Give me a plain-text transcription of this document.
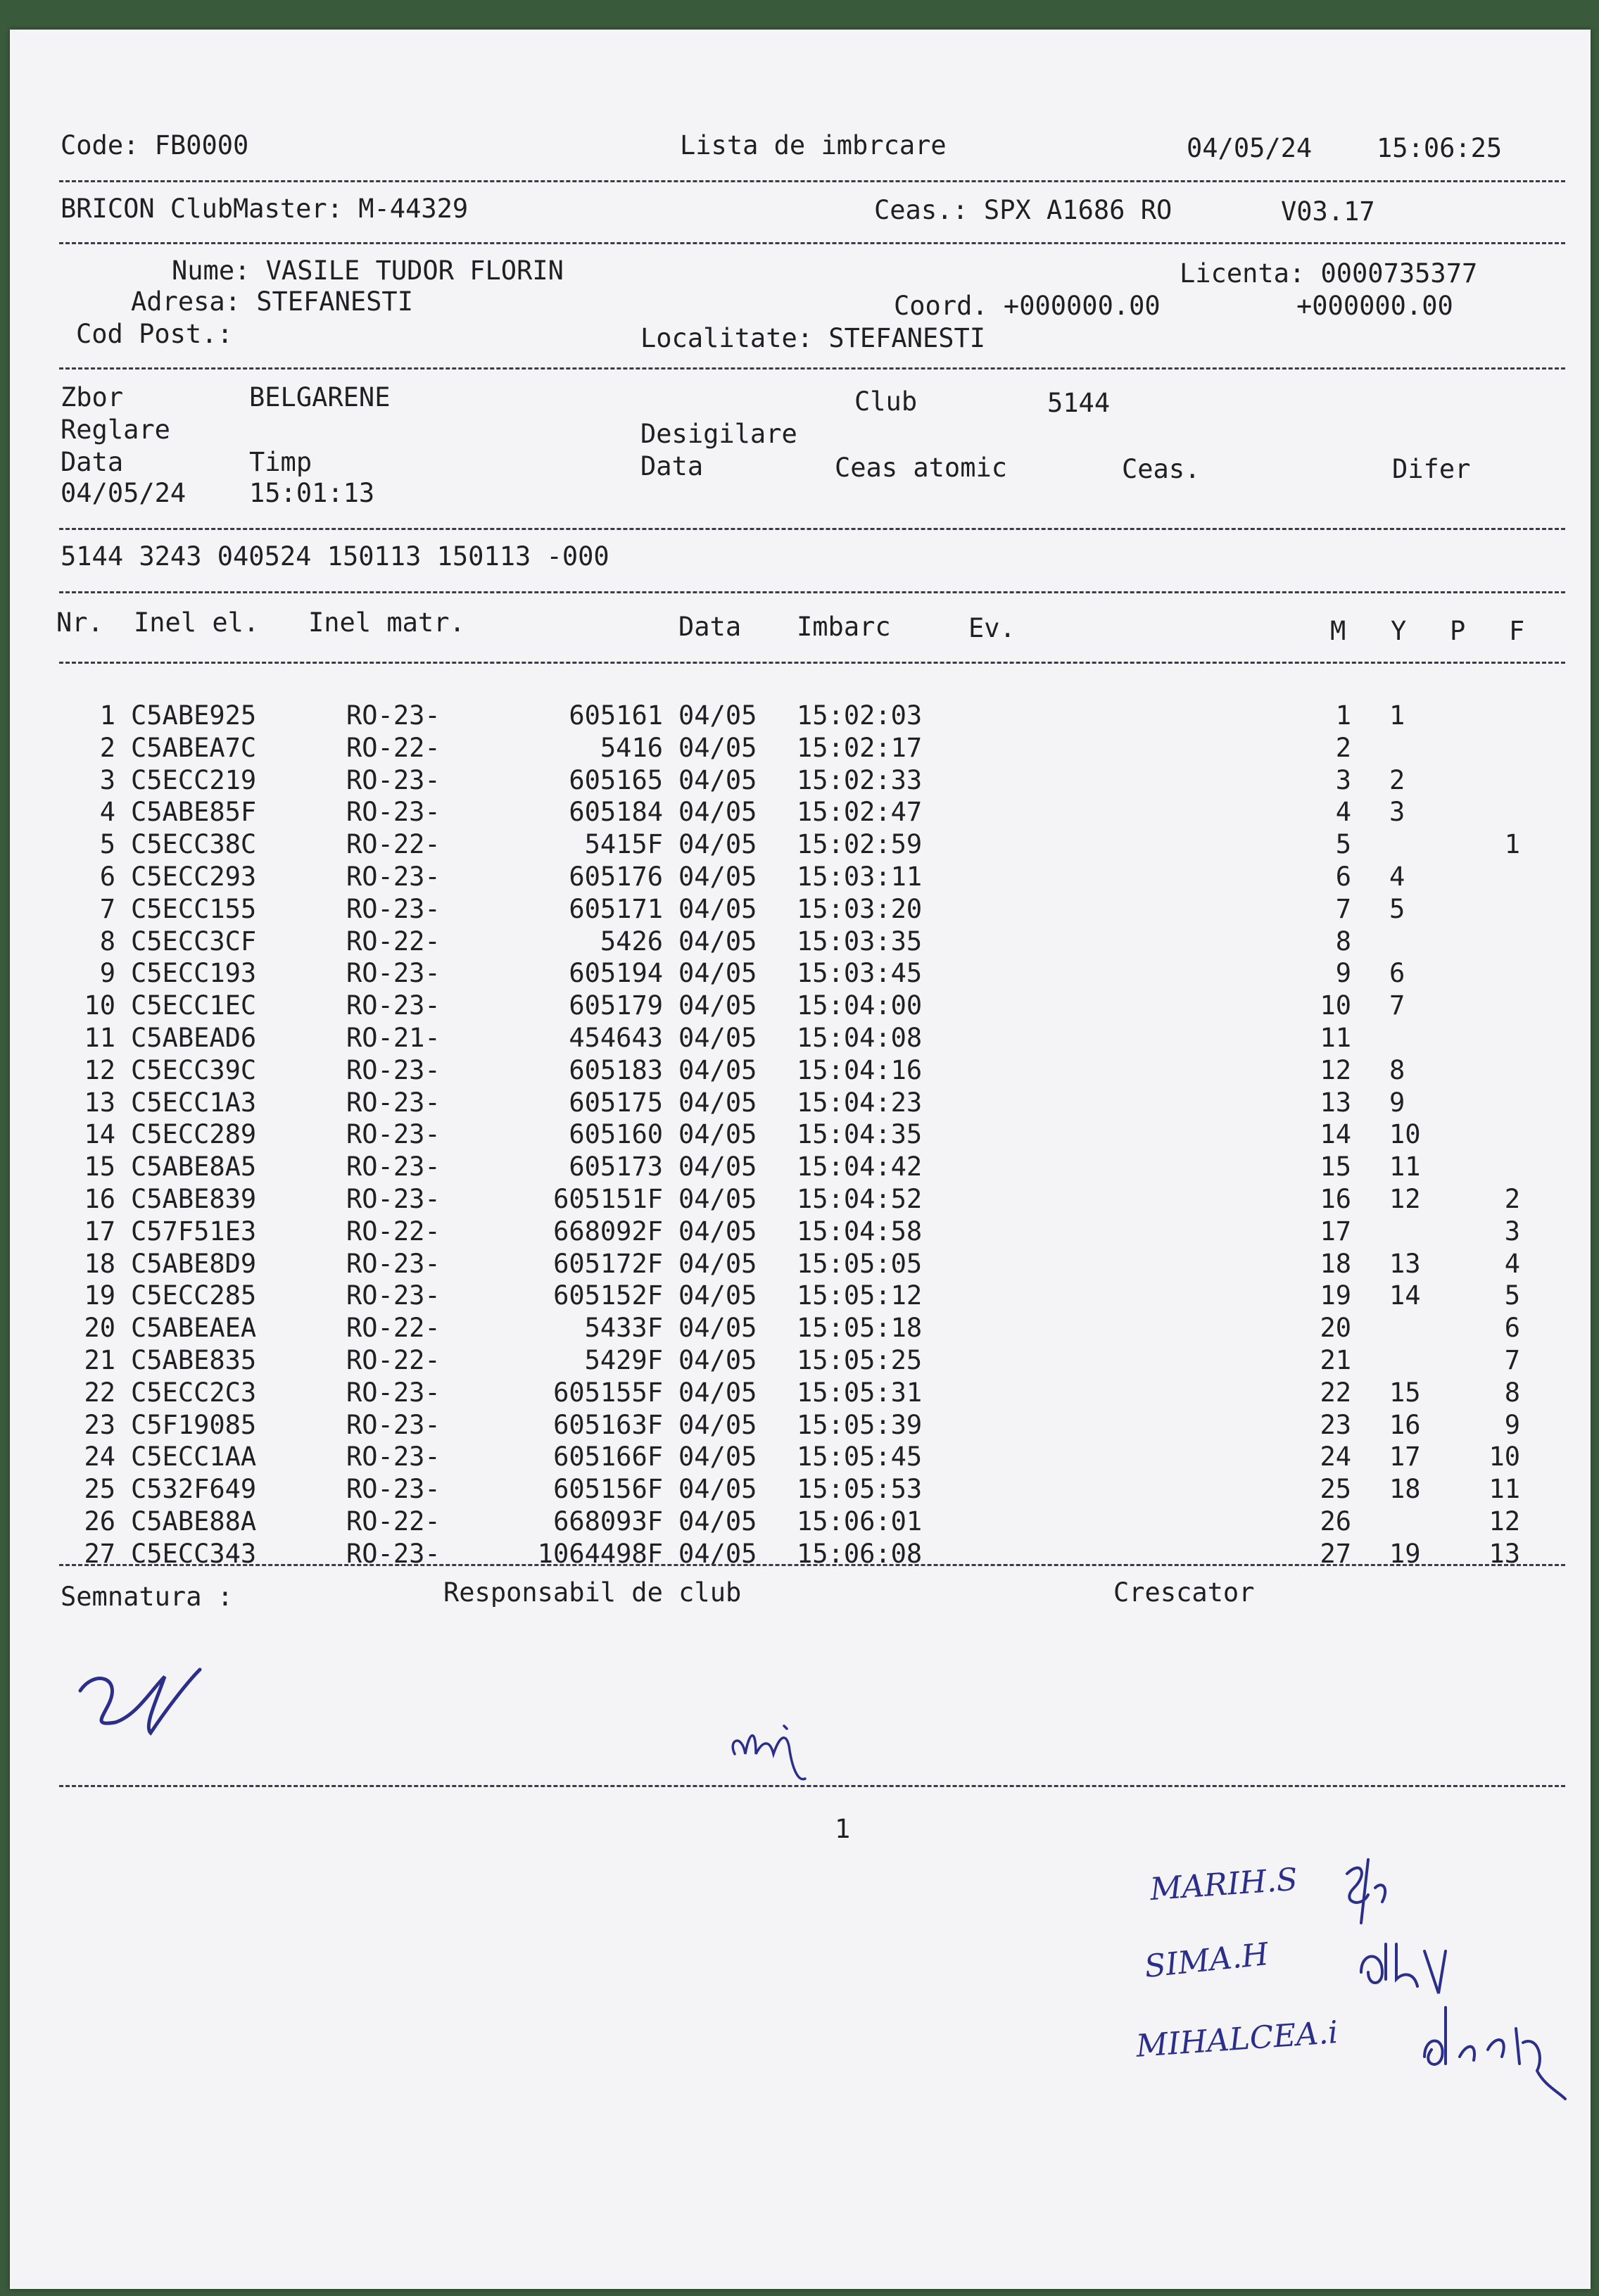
Code: FB0000	Lista de imbrcare	04/05/24 15:06:25
BRICON ClubMaster: M-44329	Ceas.: SPX A1686 RO	V03.17
Nume: VASILE TUDOR FLORIN	Licenta: 0000735377
Adresa: STEFANESTI	Coord. +000000.00	+000000.00
Cod Post.:	Localitate: STEFANESTI
Zbor	BELGARENE	Club	5144
Reglare	Desigilare
Data	Timp	Data	Ceas atomic	Ceas.	Difer
04/05/24 15:01:13
5144 3243 040524 150113 150113 -000
Nr. Inel el. Inel matr.	Data Imbarc	Ev.	M Y P F
1 C5ABE925	RO-23-	605161 04/05 15:02:03	1 1
2 C5ABEA7C	RO-22-	5416 04/05 15:02:17	2
3 C5ECC219	RO-23-	605165 04/05 15:02:33	3 2
4 C5ABE85F	RO-23-	605184 04/05 15:02:47	4 3
5 C5ECC38C	RO-22-	5415F 04/05 15:02:59	5	1
6 C5ECC293	RO-23-	605176 04/05 15:03:11	6 4
7 C5ECC155	RO-23-	605171 04/05 15:03:20	7 5
8 C5ECC3CF	RO-22-	5426 04/05 15:03:35	8
9 C5ECC193	RO-23-	605194 04/05 15:03:45	9 6
10 C5ECC1EC	RO-23-	605179 04/05 15:04:00	10 7
11 C5ABEAD6	RO-21-	454643 04/05 15:04:08	11
12 C5ECC39C	RO-23-	605183 04/05 15:04:16	12 8
13 C5ECC1A3	RO-23-	605175 04/05 15:04:23	13 9
14 C5ECC289	RO-23-	605160 04/05 15:04:35	14 10
15 C5ABE8A5	RO-23-	605173 04/05 15:04:42	15 11
16 C5ABE839	RO-23-	605151F 04/05 15:04:52	16 12	2
17 C57F51E3	RO-22-	668092F 04/05 15:04:58	17	3
18 C5ABE8D9	RO-23-	605172F 04/05 15:05:05	18 13	4
19 C5ECC285	RO-23-	605152F 04/05 15:05:12	19 14	5
20 C5ABEAEA	RO-22-	5433F 04/05 15:05:18	20	6
21 C5ABE835	RO-22-	5429F 04/05 15:05:25	21	7
22 C5ECC2C3	RO-23-	605155F 04/05 15:05:31	22 15	8
23 C5F19085	RO-23-	605163F 04/05 15:05:39	23 16	9
24 C5ECC1AA	RO-23-	605166F 04/05 15:05:45	24 17	10
25 C532F649	RO-23-	605156F 04/05 15:05:53	25 18	11
26 C5ABE88A	RO-22-	668093F 04/05 15:06:01	26	12
27 C5ECC343	RO-23-	1064498F 04/05 15:06:08	27 19	13
Semnatura :	Responsabil de club	Crescator
1
MARIH.S
SIMA.H
MIHALCEA.i
